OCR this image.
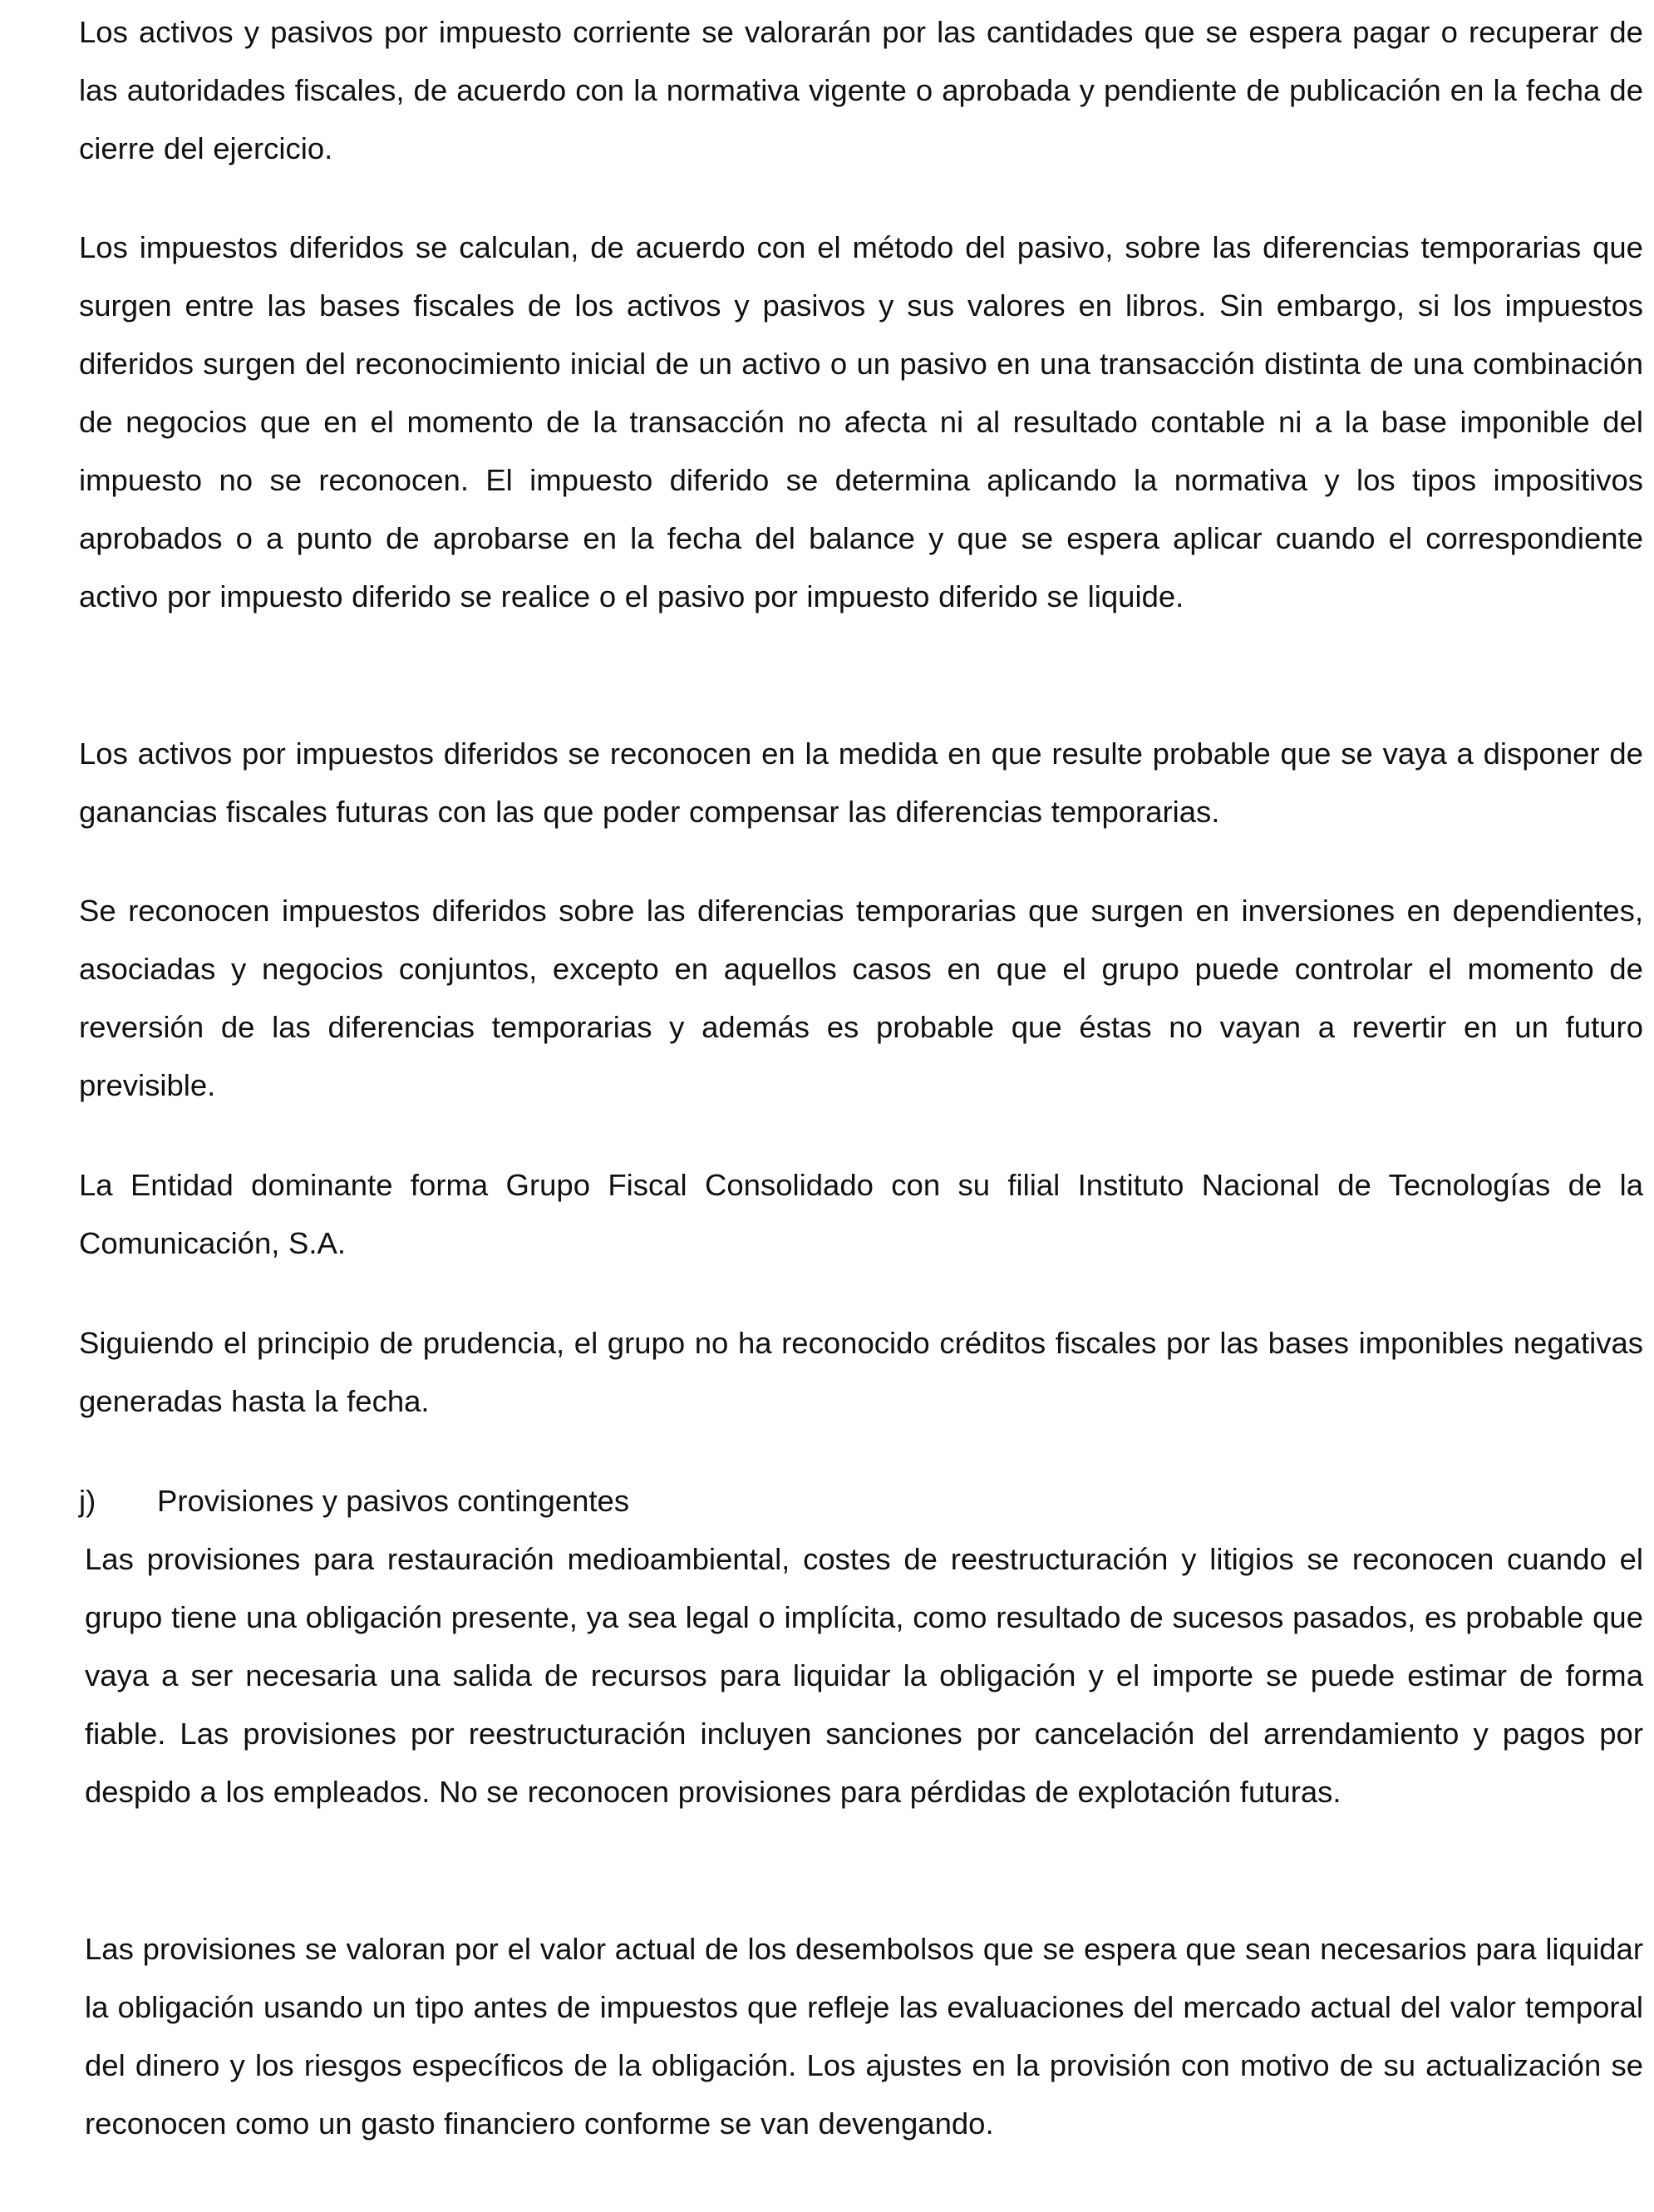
Los activos y pasivos por impuesto corriente se valorarán por las cantidades que se espera pagar o recuperar de las autoridades fiscales, de acuerdo con la normativa vigente o aprobada y pendiente de publicación en la fecha de cierre del ejercicio.

Los impuestos diferidos se calculan, de acuerdo con el método del pasivo, sobre las diferencias temporarias que surgen entre las bases fiscales de los activos y pasivos y sus valores en libros. Sin embargo, si los impuestos diferidos surgen del reconocimiento inicial de un activo o un pasivo en una transacción distinta de una combinación de negocios que en el momento de la transacción no afecta ni al resultado contable ni a la base imponible del impuesto no se reconocen. El impuesto diferido se determina aplicando la normativa y los tipos impositivos aprobados o a punto de aprobarse en la fecha del balance y que se espera aplicar cuando el correspondiente activo por impuesto diferido se realice o el pasivo por impuesto diferido se liquide.

Los activos por impuestos diferidos se reconocen en la medida en que resulte probable que se vaya a disponer de ganancias fiscales futuras con las que poder compensar las diferencias temporarias.

Se reconocen impuestos diferidos sobre las diferencias temporarias que surgen en inversiones en dependientes, asociadas y negocios conjuntos, excepto en aquellos casos en que el grupo puede controlar el momento de reversión de las diferencias temporarias y además es probable que éstas no vayan a revertir en un futuro previsible.

La Entidad dominante forma Grupo Fiscal Consolidado con su filial Instituto Nacional de Tecnologías de la Comunicación, S.A.

Siguiendo el principio de prudencia, el grupo no ha reconocido créditos fiscales por las bases imponibles negativas generadas hasta la fecha.

j) Provisiones y pasivos contingentes

Las provisiones para restauración medioambiental, costes de reestructuración y litigios se reconocen cuando el grupo tiene una obligación presente, ya sea legal o implícita, como resultado de sucesos pasados, es probable que vaya a ser necesaria una salida de recursos para liquidar la obligación y el importe se puede estimar de forma fiable. Las provisiones por reestructuración incluyen sanciones por cancelación del arrendamiento y pagos por despido a los empleados. No se reconocen provisiones para pérdidas de explotación futuras.

Las provisiones se valoran por el valor actual de los desembolsos que se espera que sean necesarios para liquidar la obligación usando un tipo antes de impuestos que refleje las evaluaciones del mercado actual del valor temporal del dinero y los riesgos específicos de la obligación. Los ajustes en la provisión con motivo de su actualización se reconocen como un gasto financiero conforme se van devengando.
